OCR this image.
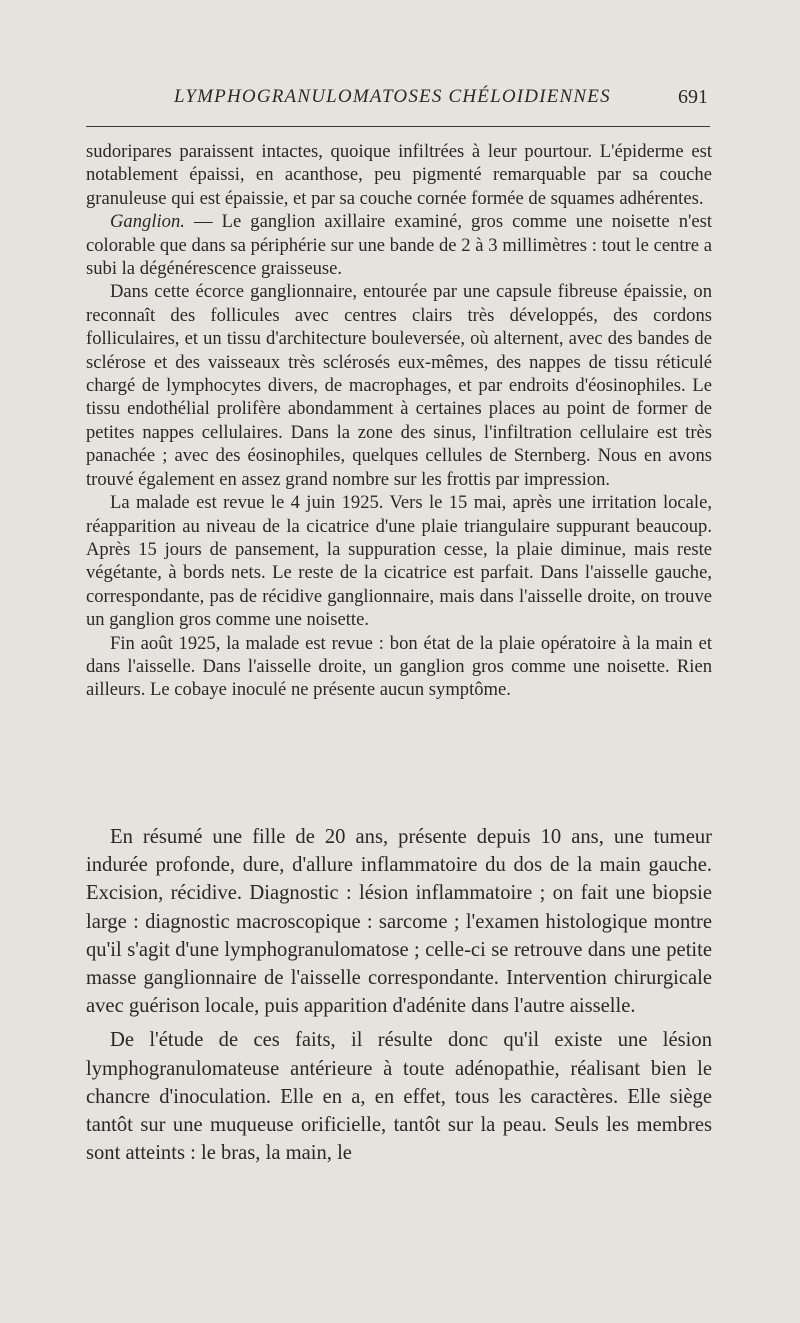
LYMPHOGRANULOMATOSES CHÉLOIDIENNES	691

sudoripares paraissent intactes, quoique infiltrées à leur pourtour. L'épiderme est notablement épaissi, en acanthose, peu pigmenté remarquable par sa couche granuleuse qui est épaissie, et par sa couche cornée formée de squames adhérentes.

Ganglion. — Le ganglion axillaire examiné, gros comme une noisette n'est colorable que dans sa périphérie sur une bande de 2 à 3 millimètres : tout le centre a subi la dégénérescence graisseuse.

Dans cette écorce ganglionnaire, entourée par une capsule fibreuse épaissie, on reconnaît des follicules avec centres clairs très développés, des cordons folliculaires, et un tissu d'architecture bouleversée, où alternent, avec des bandes de sclérose et des vaisseaux très sclérosés eux-mêmes, des nappes de tissu réticulé chargé de lymphocytes divers, de macrophages, et par endroits d'éosinophiles. Le tissu endothélial prolifère abondamment à certaines places au point de former de petites nappes cellulaires. Dans la zone des sinus, l'infiltration cellulaire est très panachée ; avec des éosinophiles, quelques cellules de Sternberg. Nous en avons trouvé également en assez grand nombre sur les frottis par impression.

La malade est revue le 4 juin 1925. Vers le 15 mai, après une irritation locale, réapparition au niveau de la cicatrice d'une plaie triangulaire suppurant beaucoup. Après 15 jours de pansement, la suppuration cesse, la plaie diminue, mais reste végétante, à bords nets. Le reste de la cicatrice est parfait. Dans l'aisselle gauche, correspondante, pas de récidive ganglionnaire, mais dans l'aisselle droite, on trouve un ganglion gros comme une noisette.

Fin août 1925, la malade est revue : bon état de la plaie opératoire à la main et dans l'aisselle. Dans l'aisselle droite, un ganglion gros comme une noisette. Rien ailleurs. Le cobaye inoculé ne présente aucun symptôme.

En résumé une fille de 20 ans, présente depuis 10 ans, une tumeur indurée profonde, dure, d'allure inflammatoire du dos de la main gauche. Excision, récidive. Diagnostic : lésion inflammatoire ; on fait une biopsie large : diagnostic macroscopique : sarcome ; l'examen histologique montre qu'il s'agit d'une lymphogranulomatose ; celle-ci se retrouve dans une petite masse ganglionnaire de l'aisselle correspondante. Intervention chirurgicale avec guérison locale, puis apparition d'adénite dans l'autre aisselle.

De l'étude de ces faits, il résulte donc qu'il existe une lésion lymphogranulomateuse antérieure à toute adénopathie, réalisant bien le chancre d'inoculation. Elle en a, en effet, tous les caractères. Elle siège tantôt sur une muqueuse orificielle, tantôt sur la peau. Seuls les membres sont atteints : le bras, la main, le
